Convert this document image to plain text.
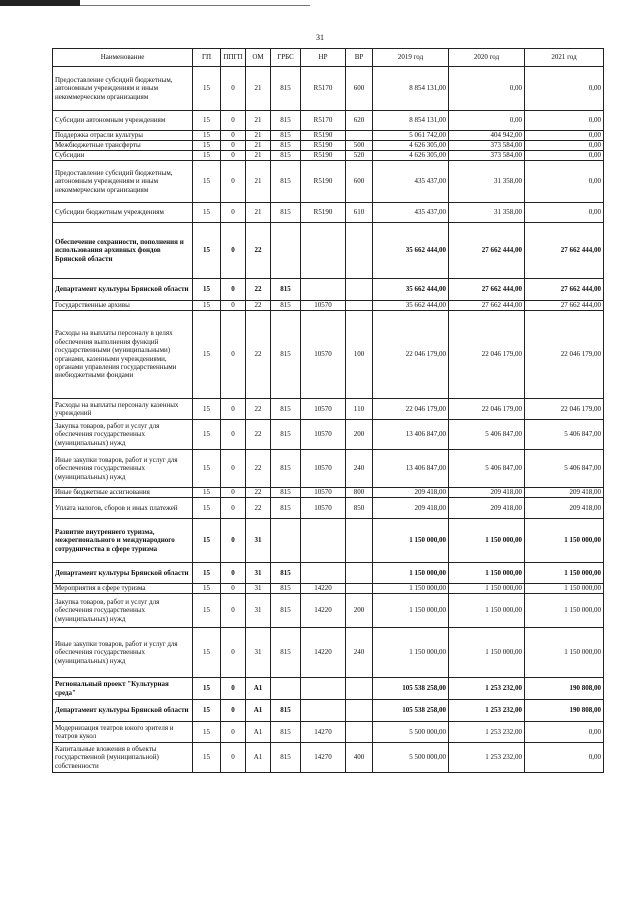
31
Наименование	ГП	ППГП	ОМ	ГРБС	НР	ВР	2019 год	2020 год	2021 год
Предоставление субсидий бюджетным, автономным учреждениям и иным некоммерческим организациям	15	0	21	815	R5170	600	8 854 131,00	0,00	0,00
Субсидии автономным учреждениям	15	0	21	815	R5170	620	8 854 131,00	0,00	0,00
Поддержка отрасли культуры	15	0	21	815	R5190		5 061 742,00	404 942,00	0,00
Межбюджетные трансферты	15	0	21	815	R5190	500	4 626 305,00	373 584,00	0,00
Субсидии	15	0	21	815	R5190	520	4 626 305,00	373 584,00	0,00
Предоставление субсидий бюджетным, автономным учреждениям и иным некоммерческим организациям	15	0	21	815	R5190	600	435 437,00	31 358,00	0,00
Субсидии бюджетным учреждениям	15	0	21	815	R5190	610	435 437,00	31 358,00	0,00
Обеспечение сохранности, пополнения и использования архивных фондов Брянской области	15	0	22				35 662 444,00	27 662 444,00	27 662 444,00
Департамент культуры Брянской области	15	0	22	815			35 662 444,00	27 662 444,00	27 662 444,00
Государственные архивы	15	0	22	815	10570		35 662 444,00	27 662 444,00	27 662 444,00
Расходы на выплаты персоналу в целях обеспечения выполнения функций государственными (муниципальными) органами, казенными учреждениями, органами управления государственными внебюджетными фондами	15	0	22	815	10570	100	22 046 179,00	22 046 179,00	22 046 179,00
Расходы на выплаты персоналу казенных учреждений	15	0	22	815	10570	110	22 046 179,00	22 046 179,00	22 046 179,00
Закупка товаров, работ и услуг для обеспечения государственных (муниципальных) нужд	15	0	22	815	10570	200	13 406 847,00	5 406 847,00	5 406 847,00
Иные закупки товаров, работ и услуг для обеспечения государственных (муниципальных) нужд	15	0	22	815	10570	240	13 406 847,00	5 406 847,00	5 406 847,00
Иные бюджетные ассигнования	15	0	22	815	10570	800	209 418,00	209 418,00	209 418,00
Уплата налогов, сборов и иных платежей	15	0	22	815	10570	850	209 418,00	209 418,00	209 418,00
Развитие внутреннего туризма, межрегионального и международного сотрудничества в сфере туризма	15	0	31				1 150 000,00	1 150 000,00	1 150 000,00
Департамент культуры Брянской области	15	0	31	815			1 150 000,00	1 150 000,00	1 150 000,00
Мероприятия в сфере туризма	15	0	31	815	14220		1 150 000,00	1 150 000,00	1 150 000,00
Закупка товаров, работ и услуг для обеспечения государственных (муниципальных) нужд	15	0	31	815	14220	200	1 150 000,00	1 150 000,00	1 150 000,00
Иные закупки товаров, работ и услуг для обеспечения государственных (муниципальных) нужд	15	0	31	815	14220	240	1 150 000,00	1 150 000,00	1 150 000,00
Региональный проект "Культурная среда"	15	0	A1				105 538 258,00	1 253 232,00	190 808,00
Департамент культуры Брянской области	15	0	A1	815			105 538 258,00	1 253 232,00	190 808,00
Модернизация театров юного зрителя и театров кукол	15	0	A1	815	14270		5 500 000,00	1 253 232,00	0,00
Капитальные вложения в объекты государственной (муниципальной) собственности	15	0	A1	815	14270	400	5 500 000,00	1 253 232,00	0,00
